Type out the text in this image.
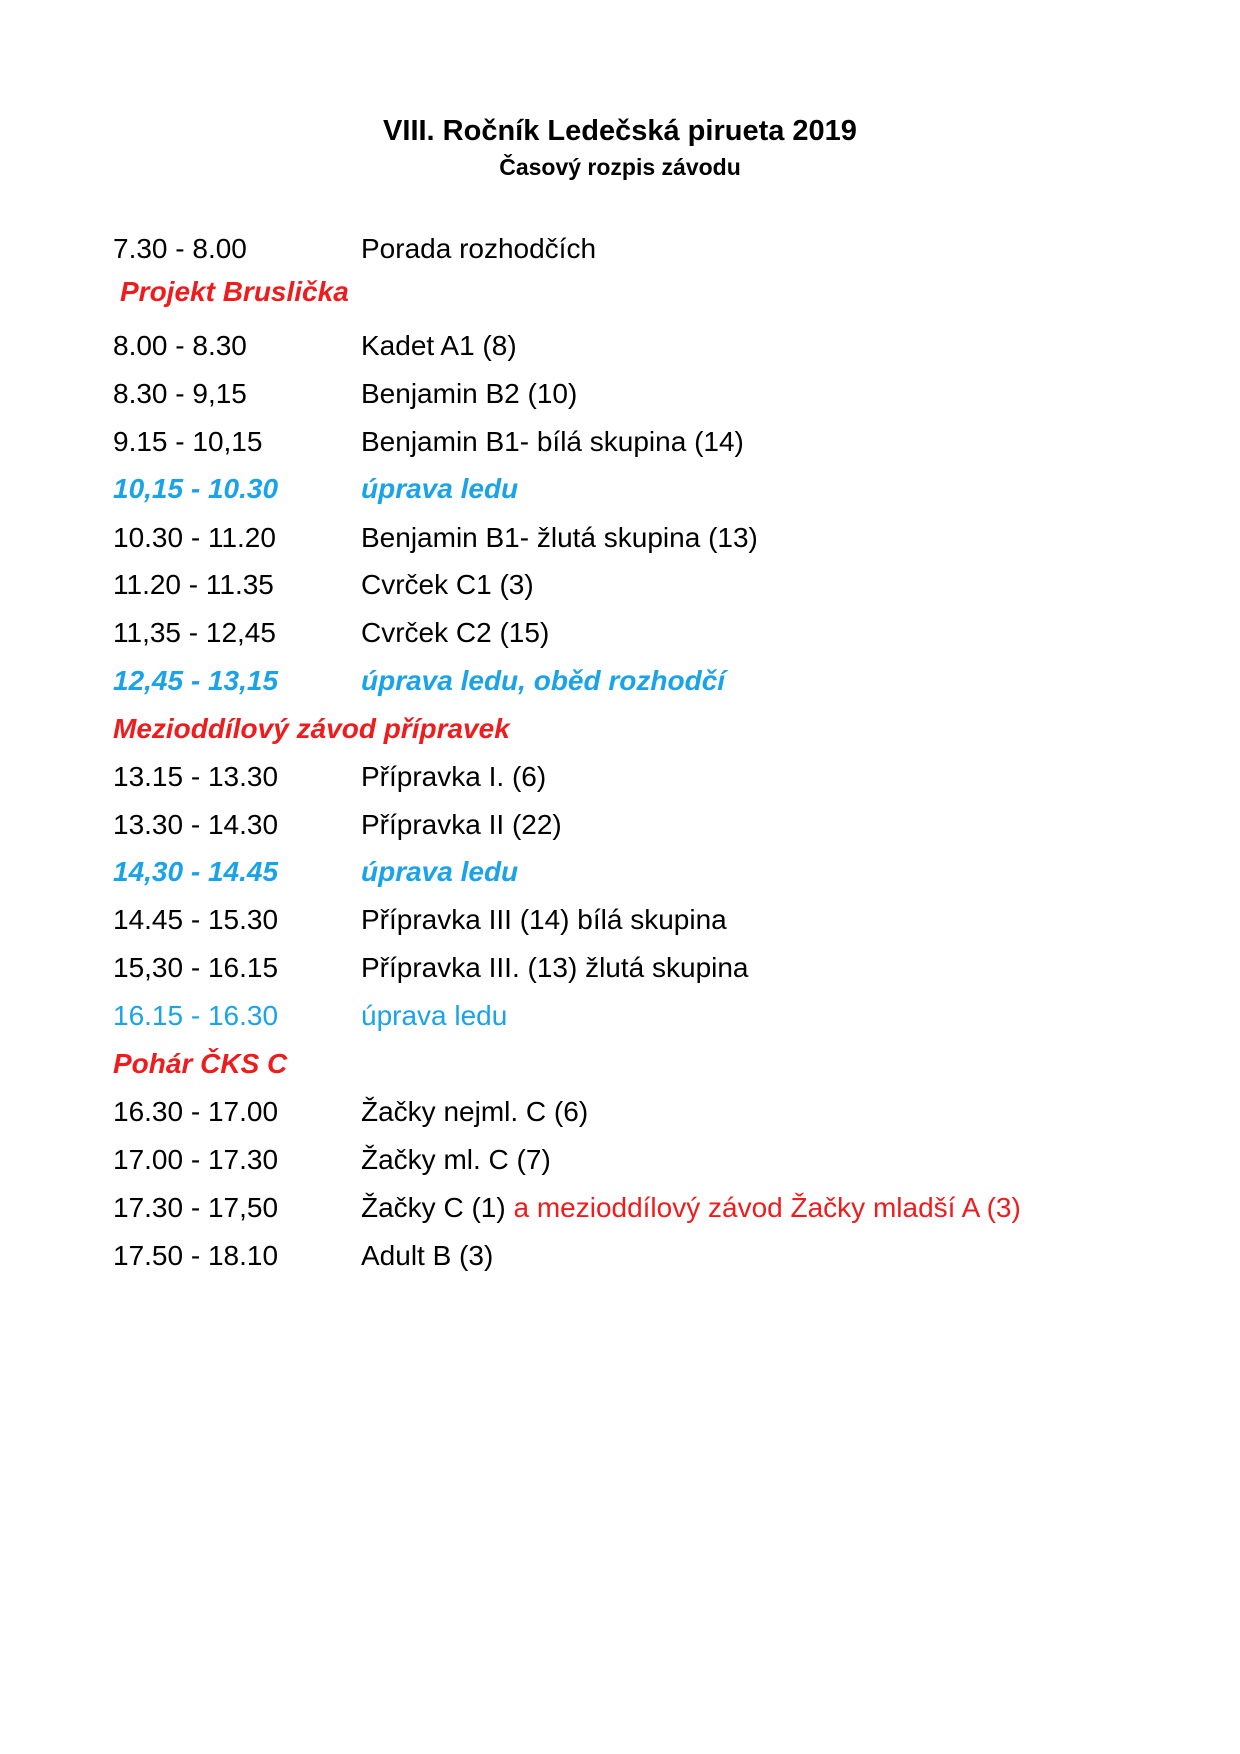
VIII. Ročník Ledečská pirueta 2019
Časový rozpis závodu
7.30 - 8.00	Porada rozhodčích
Projekt Bruslička
8.00 - 8.30	Kadet A1 (8)
8.30 - 9,15	Benjamin B2 (10)
9.15 - 10,15	Benjamin B1- bílá skupina (14)
10,15 - 10.30	úprava ledu
10.30 - 11.20	Benjamin B1- žlutá skupina (13)
11.20 - 11.35	Cvrček C1 (3)
11,35 - 12,45	Cvrček C2 (15)
12,45 - 13,15	úprava ledu, oběd rozhodčí
Mezioddílový závod přípravek
13.15 - 13.30	Přípravka I. (6)
13.30 - 14.30	Přípravka II (22)
14,30 - 14.45	úprava ledu
14.45 - 15.30	Přípravka III (14) bílá skupina
15,30 - 16.15	Přípravka III. (13) žlutá skupina
16.15 - 16.30	úprava ledu
Pohár ČKS C
16.30 - 17.00	Žačky nejml. C (6)
17.00 - 17.30	Žačky ml. C (7)
17.30 - 17,50	Žačky C (1) a mezioddílový závod Žačky mladší A (3)
17.50 - 18.10	Adult B (3)
